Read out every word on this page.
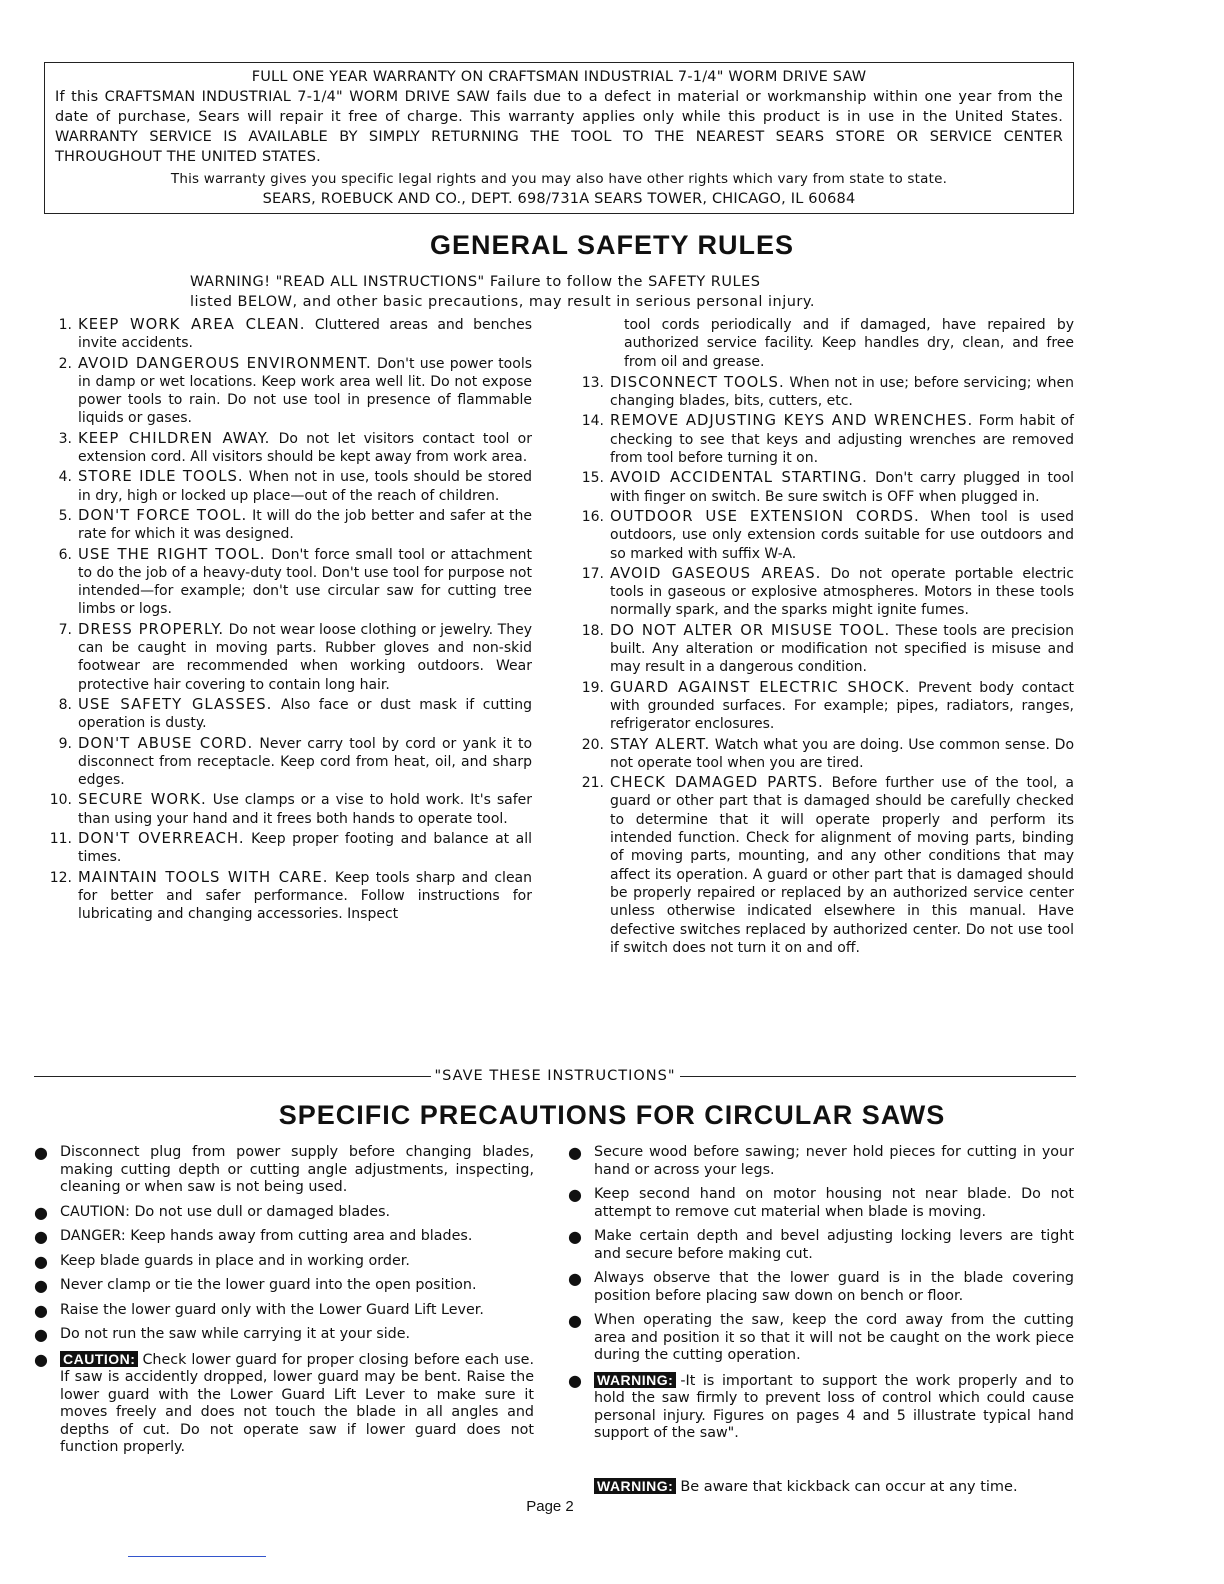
FULL ONE YEAR WARRANTY ON CRAFTSMAN INDUSTRIAL 7-1/4" WORM DRIVE SAW

If this CRAFTSMAN INDUSTRIAL 7-1/4" WORM DRIVE SAW fails due to a defect in material or workmanship within one year from the date of purchase, Sears will repair it free of charge. This warranty applies only while this product is in use in the United States. WARRANTY SERVICE IS AVAILABLE BY SIMPLY RETURNING THE TOOL TO THE NEAREST SEARS STORE OR SERVICE CENTER THROUGHOUT THE UNITED STATES.

This warranty gives you specific legal rights and you may also have other rights which vary from state to state.
SEARS, ROEBUCK AND CO., DEPT. 698/731A SEARS TOWER, CHICAGO, IL 60684
GENERAL SAFETY RULES

WARNING! "READ ALL INSTRUCTIONS" Failure to follow the SAFETY RULES

listed BELOW, and other basic precautions, may result in serious personal injury.

1. KEEP WORK AREA CLEAN. Cluttered areas and benches invite accidents.
2. AVOID DANGEROUS ENVIRONMENT. Don't use power tools in damp or wet locations. Keep work area well lit. Do not expose power tools to rain. Do not use tool in presence of flammable liquids or gases.
3. KEEP CHILDREN AWAY. Do not let visitors contact tool or extension cord. All visitors should be kept away from work area.
4. STORE IDLE TOOLS. When not in use, tools should be stored in dry, high or locked up place—out of the reach of children.
5. DON'T FORCE TOOL. It will do the job better and safer at the rate for which it was designed.
6. USE THE RIGHT TOOL. Don't force small tool or attachment to do the job of a heavy-duty tool. Don't use tool for purpose not intended—for example; don't use circular saw for cutting tree limbs or logs.
7. DRESS PROPERLY. Do not wear loose clothing or jewelry. They can be caught in moving parts. Rubber gloves and non-skid footwear are recommended when working outdoors. Wear protective hair covering to contain long hair.
8. USE SAFETY GLASSES. Also face or dust mask if cutting operation is dusty.
9. DON'T ABUSE CORD. Never carry tool by cord or yank it to disconnect from receptacle. Keep cord from heat, oil, and sharp edges.
10. SECURE WORK. Use clamps or a vise to hold work. It's safer than using your hand and it frees both hands to operate tool.
11. DON'T OVERREACH. Keep proper footing and balance at all times.
12. MAINTAIN TOOLS WITH CARE. Keep tools sharp and clean for better and safer performance. Follow instructions for lubricating and changing accessories. Inspect
tool cords periodically and if damaged, have repaired by authorized service facility. Keep handles dry, clean, and free from oil and grease.
13. DISCONNECT TOOLS. When not in use; before servicing; when changing blades, bits, cutters, etc.
14. REMOVE ADJUSTING KEYS AND WRENCHES. Form habit of checking to see that keys and adjusting wrenches are removed from tool before turning it on.
15. AVOID ACCIDENTAL STARTING. Don't carry plugged in tool with finger on switch. Be sure switch is OFF when plugged in.
16. OUTDOOR USE EXTENSION CORDS. When tool is used outdoors, use only extension cords suitable for use outdoors and so marked with suffix W-A.
17. AVOID GASEOUS AREAS. Do not operate portable electric tools in gaseous or explosive atmospheres. Motors in these tools normally spark, and the sparks might ignite fumes.
18. DO NOT ALTER OR MISUSE TOOL. These tools are precision built. Any alteration or modification not specified is misuse and may result in a dangerous condition.
19. GUARD AGAINST ELECTRIC SHOCK. Prevent body contact with grounded surfaces. For example; pipes, radiators, ranges, refrigerator enclosures.
20. STAY ALERT. Watch what you are doing. Use common sense. Do not operate tool when you are tired.
21. CHECK DAMAGED PARTS. Before further use of the tool, a guard or other part that is damaged should be carefully checked to determine that it will operate properly and perform its intended function. Check for alignment of moving parts, binding of moving parts, mounting, and any other conditions that may affect its operation. A guard or other part that is damaged should be properly repaired or replaced by an authorized service center unless otherwise indicated elsewhere in this manual. Have defective switches replaced by authorized center. Do not use tool if switch does not turn it on and off.
"SAVE THESE INSTRUCTIONS"
SPECIFIC PRECAUTIONS FOR CIRCULAR SAWS
● Disconnect plug from power supply before changing blades, making cutting depth or cutting angle adjustments, inspecting, cleaning or when saw is not being used.
● CAUTION: Do not use dull or damaged blades.
● DANGER: Keep hands away from cutting area and blades.
● Keep blade guards in place and in working order.
● Never clamp or tie the lower guard into the open position.
● Raise the lower guard only with the Lower Guard Lift Lever.
● Do not run the saw while carrying it at your side.
●	CAUTION: Check lower guard for proper closing before each use. If saw is accidently dropped, lower guard may be bent. Raise the lower guard with the Lower Guard Lift Lever to make sure it moves freely and does not touch the blade in all angles and depths of cut. Do not operate saw if lower guard does not function properly.
● Secure wood before sawing; never hold pieces for cutting in your hand or across your legs.
● Keep second hand on motor housing not near blade. Do not attempt to remove cut material when blade is moving.
● Make certain depth and bevel adjusting locking levers are tight and secure before making cut.
● Always observe that the lower guard is in the blade covering position before placing saw down on bench or floor.
● When operating the saw, keep the cord away from the cutting area and position it so that it will not be caught on the work piece during the cutting operation.
●	WARNING: -It is important to support the work properly and to hold the saw firmly to prevent loss of control which could cause personal injury. Figures on pages 4 and 5 illustrate typical hand support of the saw".
WARNING: Be aware that kickback can occur at any time.
Page 2
